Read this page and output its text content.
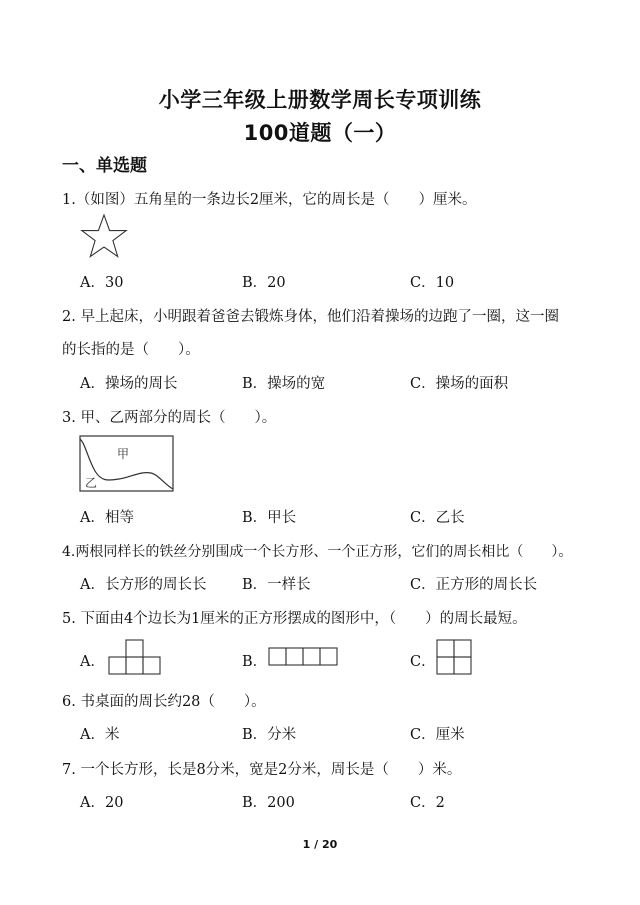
小学三年级上册数学周长专项训练
100道题（一）
一、单选题
1.（如图）五角星的一条边长2厘米，它的周长是（　　）厘米。
A．30	B．20	C．10
2. 早上起床，小明跟着爸爸去锻炼身体，他们沿着操场的边跑了一圈，这一圈
的长指的是（　　）。
A．操场的周长	B．操场的宽	C．操场的面积
3. 甲、乙两部分的周长（　　）。
甲
乙
A．相等	B．甲长	C．乙长
4.两根同样长的铁丝分别围成一个长方形、一个正方形，它们的周长相比（　　）。
A．长方形的周长长 B．一样长	C．正方形的周长长
5. 下面由4个边长为1厘米的正方形摆成的图形中，（　　）的周长最短。
A．	B．	C．
6. 书桌面的周长约28（　　）。
A．米	B．分米	C．厘米
7. 一个长方形，长是8分米，宽是2分米，周长是（　　）米。
A．20	B．200	C．2
1 / 20
